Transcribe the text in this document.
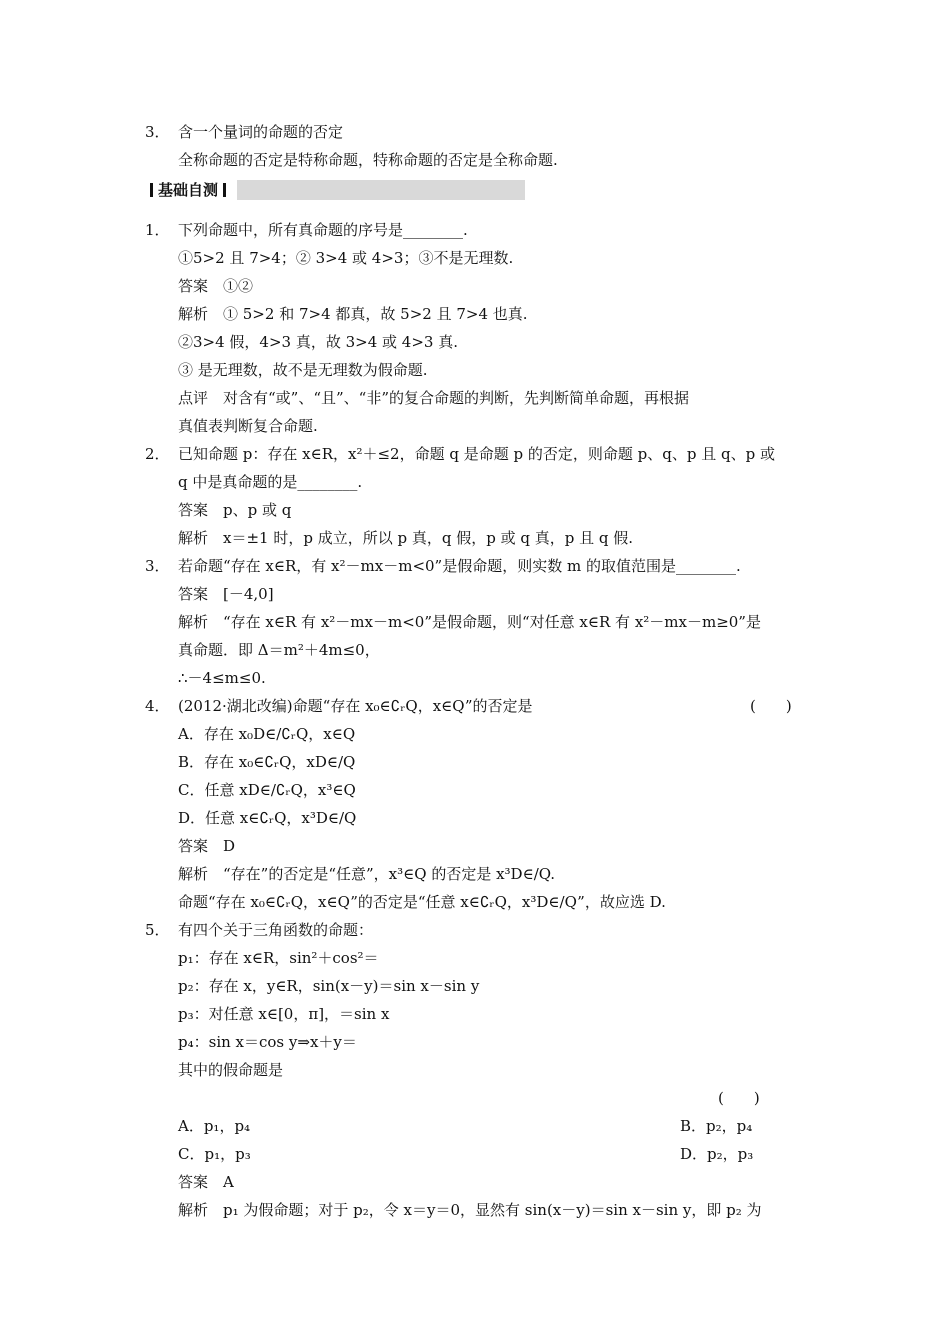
3． 含一个量词的命题的否定
全称命题的否定是特称命题，特称命题的否定是全称命题.
基础自测
1． 下列命题中，所有真命题的序号是________.
①5>2 且 7>4；② 3>4 或 4>3；③不是无理数.
答案　①②
解析　① 5>2 和 7>4 都真，故 5>2 且 7>4 也真.
②3>4 假，4>3 真，故 3>4 或 4>3 真.
③ 是无理数，故不是无理数为假命题.
点评　对含有“或”、“且”、“非”的复合命题的判断，先判断简单命题，再根据
真值表判断复合命题.
2． 已知命题 p：存在 x∈R，x²＋≤2，命题 q 是命题 p 的否定，则命题 p、q、p 且 q、p 或
q 中是真命题的是________.
答案　p、p 或 q
解析　x＝±1 时，p 成立，所以 p 真，q 假，p 或 q 真，p 且 q 假.
3． 若命题“存在 x∈R，有 x²－mx－m<0”是假命题，则实数 m 的取值范围是________.
答案　[－4,0]
解析　“存在 x∈R 有 x²－mx－m<0”是假命题，则“对任意 x∈R 有 x²－mx－m≥0”是
真命题．即 Δ＝m²＋4m≤0，
∴－4≤m≤0.
4． (2012·湖北改编)命题“存在 x₀∈∁ᵣQ，x∈Q”的否定是	(　　)
A．存在 x₀D∈/∁ᵣQ，x∈Q
B．存在 x₀∈∁ᵣQ，xD∈/Q
C．任意 xD∈/∁ᵣQ，x³∈Q
D．任意 x∈∁ᵣQ，x³D∈/Q
答案　D
解析　“存在”的否定是“任意”，x³∈Q 的否定是 x³D∈/Q.
命题“存在 x₀∈∁ᵣQ，x∈Q”的否定是“任意 x∈∁ᵣQ，x³D∈/Q”，故应选 D.
5． 有四个关于三角函数的命题：
p₁：存在 x∈R，sin²＋cos²＝
p₂：存在 x，y∈R，sin(x－y)＝sin x－sin y
p₃：对任意 x∈[0，π]，＝sin x
p₄：sin x＝cos y⇒x＋y＝
其中的假命题是
(　　)
A．p₁，p₄	B．p₂，p₄
C．p₁，p₃	D．p₂，p₃
答案　A
解析　p₁ 为假命题；对于 p₂，令 x＝y＝0，显然有 sin(x－y)＝sin x－sin y，即 p₂ 为
